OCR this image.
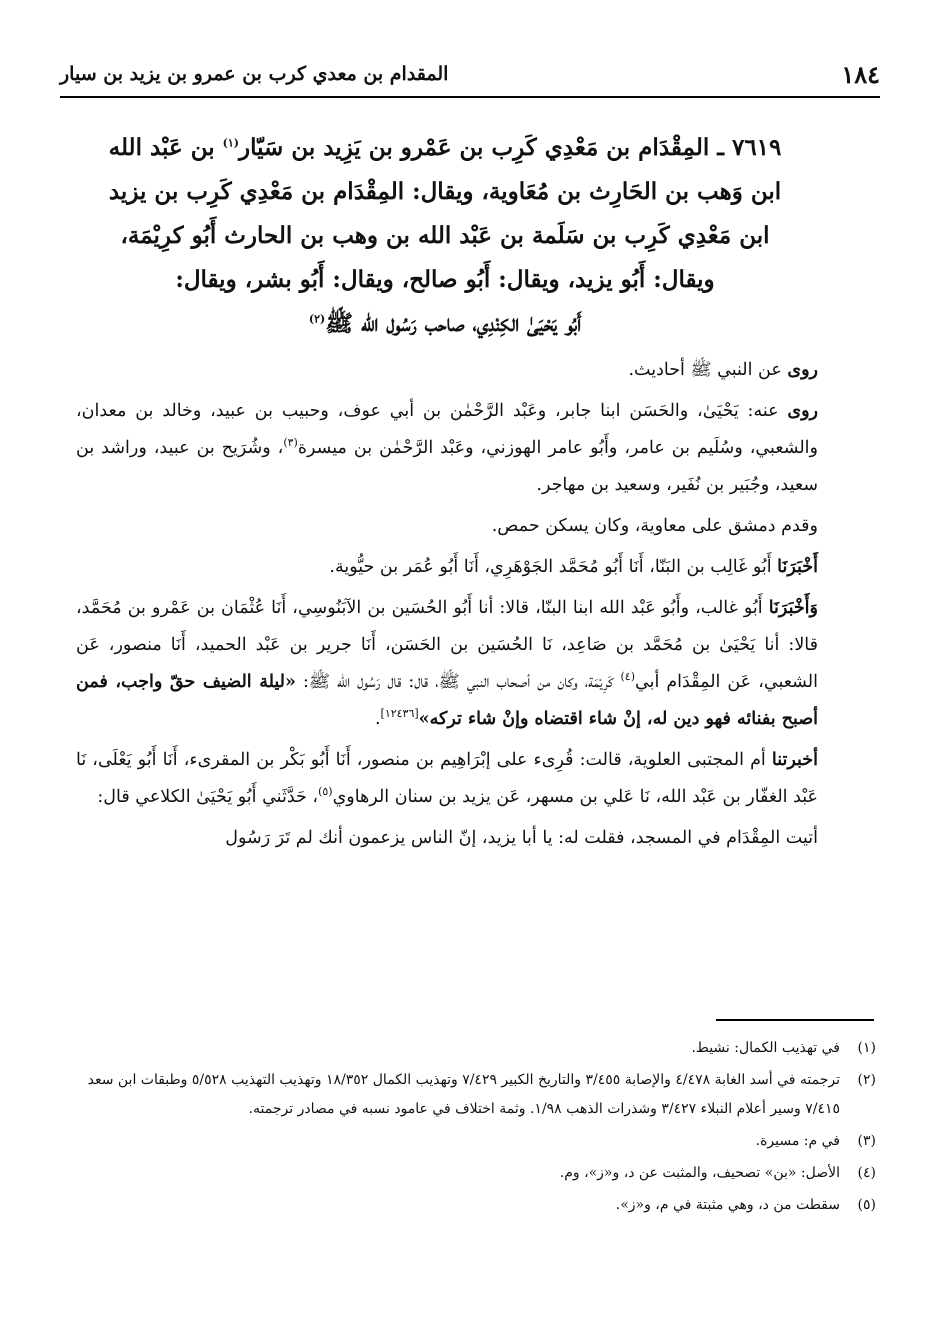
المقدام بن معدي كرب بن عمرو بن يزيد بن سيار	١٨٤
٧٦١٩ ـ المِقْدَام بن مَعْدِي كَرِب بن عَمْرو بن يَزِيد بن سَيّار$^{(١)}$ بن عَبْد الله
ابن وَهب بن الحَارِث بن مُعَاوية، ويقال: المِقْدَام بن مَعْدِي كَرِب بن يزيد
ابن مَعْدِي كَرِب بن سَلَمة بن عَبْد الله بن وهب بن الحارث أَبُو كرِيْمَة،
ويقال: أَبُو يزيد، ويقال: أَبُو صالح، ويقال: أَبُو بشر، ويقال:
أَبُو يَحْيَىٰ الكِنْدِي، صاحب رَسُول الله ﷺ$^{(٢)}$

روى عن النبي ﷺ أحاديث.

روى عنه: يَحْيَىٰ، والحَسَن ابنا جابر، وعَبْد الرَّحْمٰن بن أبي عوف، وحبيب بن عبيد، وخالد بن معدان، والشعبي، وسُلَيم بن عامر، وأَبُو عامر الهوزني، وعَبْد الرَّحْمٰن بن ميسرة$^{(٣)}$، وشُرَيح بن عبيد، وراشد بن سعيد، وجُبَير بن نُفَير، وسعيد بن مهاجر.

وقدم دمشق على معاوية، وكان يسكن حمص.

أَخْبَرَنَا أَبُو غَالِب بن البَنّا، أَنَا أَبُو مُحَمَّد الجَوْهَرِي، أَنَا أَبُو عُمَر بن حيُّوية.

وَأَخْبَرَنَا أَبُو غالب، وأَبُو عَبْد الله ابنا البنّا، قالا: أنا أَبُو الحُسَين بن الآبَنُوسِي، أَنَا عُثْمَان بن عَمْرو بن مُحَمَّد، قالا: أنا يَحْيَىٰ بن مُحَمَّد بن صَاعِد، نَا الحُسَين بن الحَسَن، أَنَا جرير بن عَبْد الحميد، أَنَا منصور، عَن الشعبي، عَن المِقْدَام أبي$^{(٤)}$ كَرِيْمَة، وكان من أصحاب النبي ﷺ، قال: قال رَسُول الله ﷺ: «ليلة الضيف حقّ واجب، فمن أصبح بفنائه فهو دين له، إنْ شاء اقتضاه وإنْ شاء تركه»[١٢٤٣٦].

أخبرتنا أم المجتبى العلوية، قالت: قُرِىء على إبْرَاهِيم بن منصور، أَنَا أَبُو بَكْر بن المقرىء، أَنَا أَبُو يَعْلَى، نَا عَبْد الغفّار بن عَبْد الله، نَا عَلي بن مسهر، عَن يزيد بن سنان الرهاوي$^{(٥)}$، حَدَّثَني أَبُو يَحْيَىٰ الكلاعي قال:

أتيت المِقْدَام في المسجد، فقلت له: يا أبا يزيد، إنّ الناس يزعمون أنك لم تَرَ رَسُول

(١)
في تهذيب الكمال: نشيط.
(٢)
ترجمته في أسد الغابة ٤/٤٧٨ والإصابة ٣/٤٥٥ والتاريخ الكبير ٧/٤٢٩ وتهذيب الكمال ١٨/٣٥٢ وتهذيب التهذيب ٥/٥٢٨ وطبقات ابن سعد ٧/٤١٥ وسير أعلام النبلاء ٣/٤٢٧ وشذرات الذهب ١/٩٨. وثمة اختلاف في عامود نسبه في مصادر ترجمته.
(٣)
في م: مسيرة.
(٤)
الأصل: «بن» تصحيف، والمثبت عن د، و«ز»، وم.
(٥)
سقطت من د، وهي مثبتة في م، و«ز».
